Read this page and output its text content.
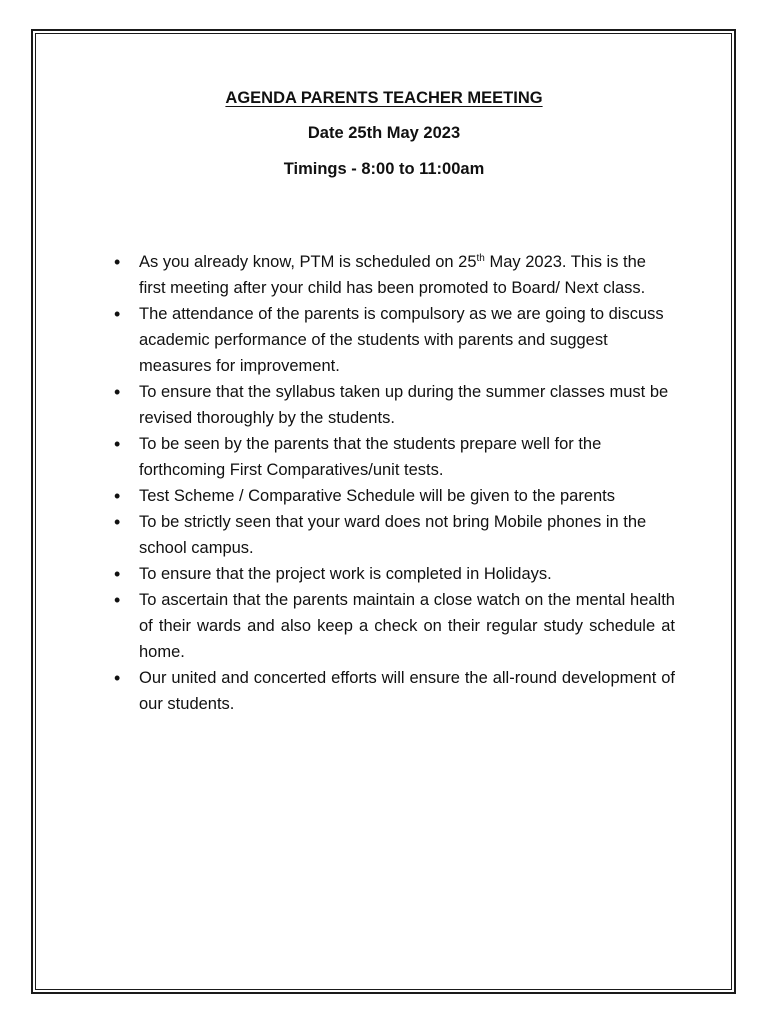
AGENDA PARENTS TEACHER MEETING
Date 25th May 2023
Timings - 8:00 to 11:00am
• As you already know, PTM is scheduled on 25th May 2023. This is the first meeting after your child has been promoted to Board/ Next class.
• The attendance of the parents is compulsory as we are going to discuss academic performance of the students with parents and suggest measures for improvement.
• To ensure that the syllabus taken up during the summer classes must be revised thoroughly by the students.
• To be seen by the parents that the students prepare well for the forthcoming First Comparatives/unit tests.
• Test Scheme / Comparative Schedule will be given to the parents
• To be strictly seen that your ward does not bring Mobile phones in the school campus.
• To ensure that the project work is completed in Holidays.
• To ascertain that the parents maintain a close watch on the mental health of their wards and also keep a check on their regular study schedule at home.
• Our united and concerted efforts will ensure the all-round development of our students.
